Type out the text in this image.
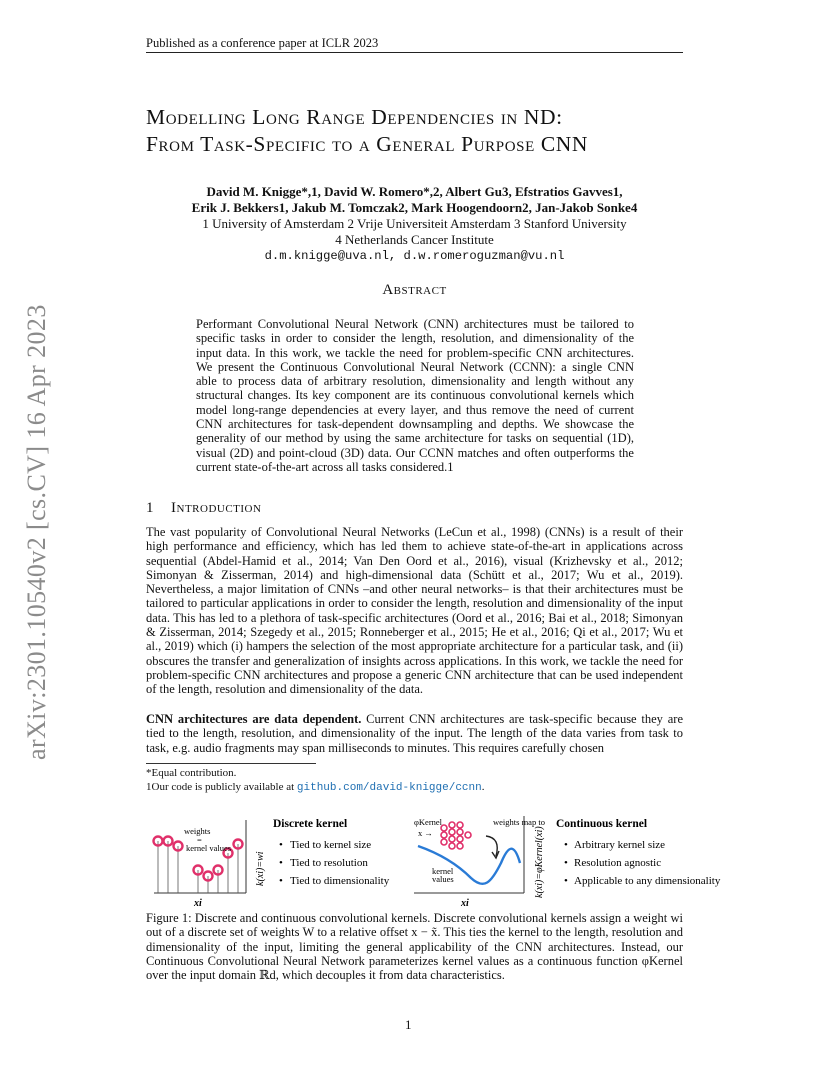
Published as a conference paper at ICLR 2023
arXiv:2301.10540v2 [cs.CV] 16 Apr 2023
Modelling Long Range Dependencies in ND:
From Task-Specific to a General Purpose CNN
David M. Knigge*,1, David W. Romero*,2, Albert Gu3, Efstratios Gavves1,
Erik J. Bekkers1, Jakub M. Tomczak2, Mark Hoogendoorn2, Jan-Jakob Sonke4
1 University of Amsterdam 2 Vrije Universiteit Amsterdam 3 Stanford University
4 Netherlands Cancer Institute
d.m.knigge@uva.nl, d.w.romeroguzman@vu.nl
Abstract
Performant Convolutional Neural Network (CNN) architectures must be tailored to specific tasks in order to consider the length, resolution, and dimensionality of the input data. In this work, we tackle the need for problem-specific CNN architectures. We present the Continuous Convolutional Neural Network (CCNN): a single CNN able to process data of arbitrary resolution, dimensionality and length without any structural changes. Its key component are its continuous convolutional kernels which model long-range dependencies at every layer, and thus remove the need of current CNN architectures for task-dependent downsampling and depths. We showcase the generality of our method by using the same architecture for tasks on sequential (1D), visual (2D) and point-cloud (3D) data. Our CCNN matches and often outperforms the current state-of-the-art across all tasks considered.1
1 Introduction
The vast popularity of Convolutional Neural Networks (LeCun et al., 1998) (CNNs) is a result of their high performance and efficiency, which has led them to achieve state-of-the-art in applications across sequential (Abdel-Hamid et al., 2014; Van Den Oord et al., 2016), visual (Krizhevsky et al., 2012; Simonyan & Zisserman, 2014) and high-dimensional data (Schütt et al., 2017; Wu et al., 2019). Nevertheless, a major limitation of CNNs –and other neural networks– is that their architectures must be tailored to particular applications in order to consider the length, resolution and dimensionality of the input data. This has led to a plethora of task-specific architectures (Oord et al., 2016; Bai et al., 2018; Simonyan & Zisserman, 2014; Szegedy et al., 2015; Ronneberger et al., 2015; He et al., 2016; Qi et al., 2017; Wu et al., 2019) which (i) hampers the selection of the most appropriate architecture for a particular task, and (ii) obscures the transfer and generalization of insights across applications. In this work, we tackle the need for problem-specific CNN architectures and propose a generic CNN architecture that can be used independent of the length, resolution and dimensionality of the data.
CNN architectures are data dependent. Current CNN architectures are task-specific because they are tied to the length, resolution, and dimensionality of the input. The length of the data varies from task to task, e.g. audio fragments may span milliseconds to minutes. This requires carefully chosen
*Equal contribution.
1Our code is publicly available at github.com/david-knigge/ccnn.
weights
=
kernel values
xi
k(xi)=wi
Discrete kernel
• Tied to kernel size
• Tied to resolution
• Tied to dimensionality
φKernel
x →
weights map to
kernel
values
xi
k(xi)=φKernel(xi)
Continuous kernel
• Arbitrary kernel size
• Resolution agnostic
• Applicable to any dimensionality
Figure 1: Discrete and continuous convolutional kernels. Discrete convolutional kernels assign a weight wi out of a discrete set of weights W to a relative offset x − x̃. This ties the kernel to the length, resolution and dimensionality of the input, limiting the general applicability of the CNN architectures. Instead, our Continuous Convolutional Neural Network parameterizes kernel values as a continuous function φKernel over the input domain ℝd, which decouples it from data characteristics.
1
